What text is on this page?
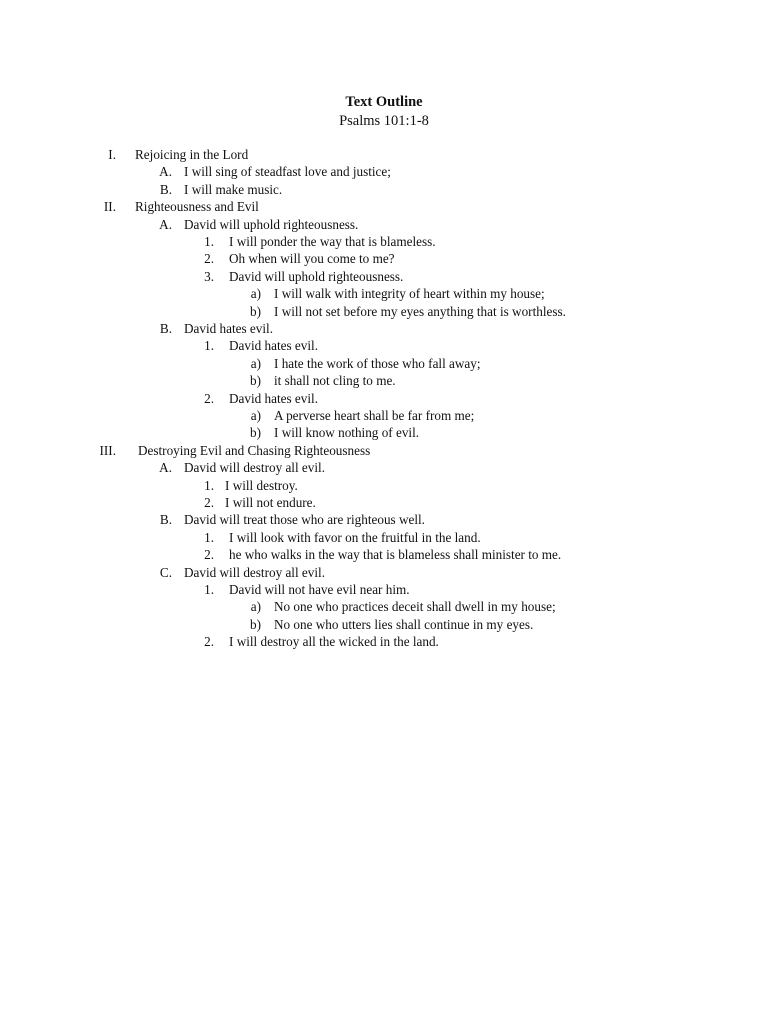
Text Outline
Psalms 101:1-8
I. Rejoicing in the Lord
A. I will sing of steadfast love and justice;
B. I will make music.
II. Righteousness and Evil
A. David will uphold righteousness.
1. I will ponder the way that is blameless.
2. Oh when will you come to me?
3. David will uphold righteousness.
a) I will walk with integrity of heart within my house;
b) I will not set before my eyes anything that is worthless.
B. David hates evil.
1. David hates evil.
a) I hate the work of those who fall away;
b) it shall not cling to me.
2. David hates evil.
a) A perverse heart shall be far from me;
b) I will know nothing of evil.
III. Destroying Evil and Chasing Righteousness
A. David will destroy all evil.
1. I will destroy.
2. I will not endure.
B. David will treat those who are righteous well.
1. I will look with favor on the fruitful in the land.
2. he who walks in the way that is blameless shall minister to me.
C. David will destroy all evil.
1. David will not have evil near him.
a) No one who practices deceit shall dwell in my house;
b) No one who utters lies shall continue in my eyes.
2. I will destroy all the wicked in the land.
